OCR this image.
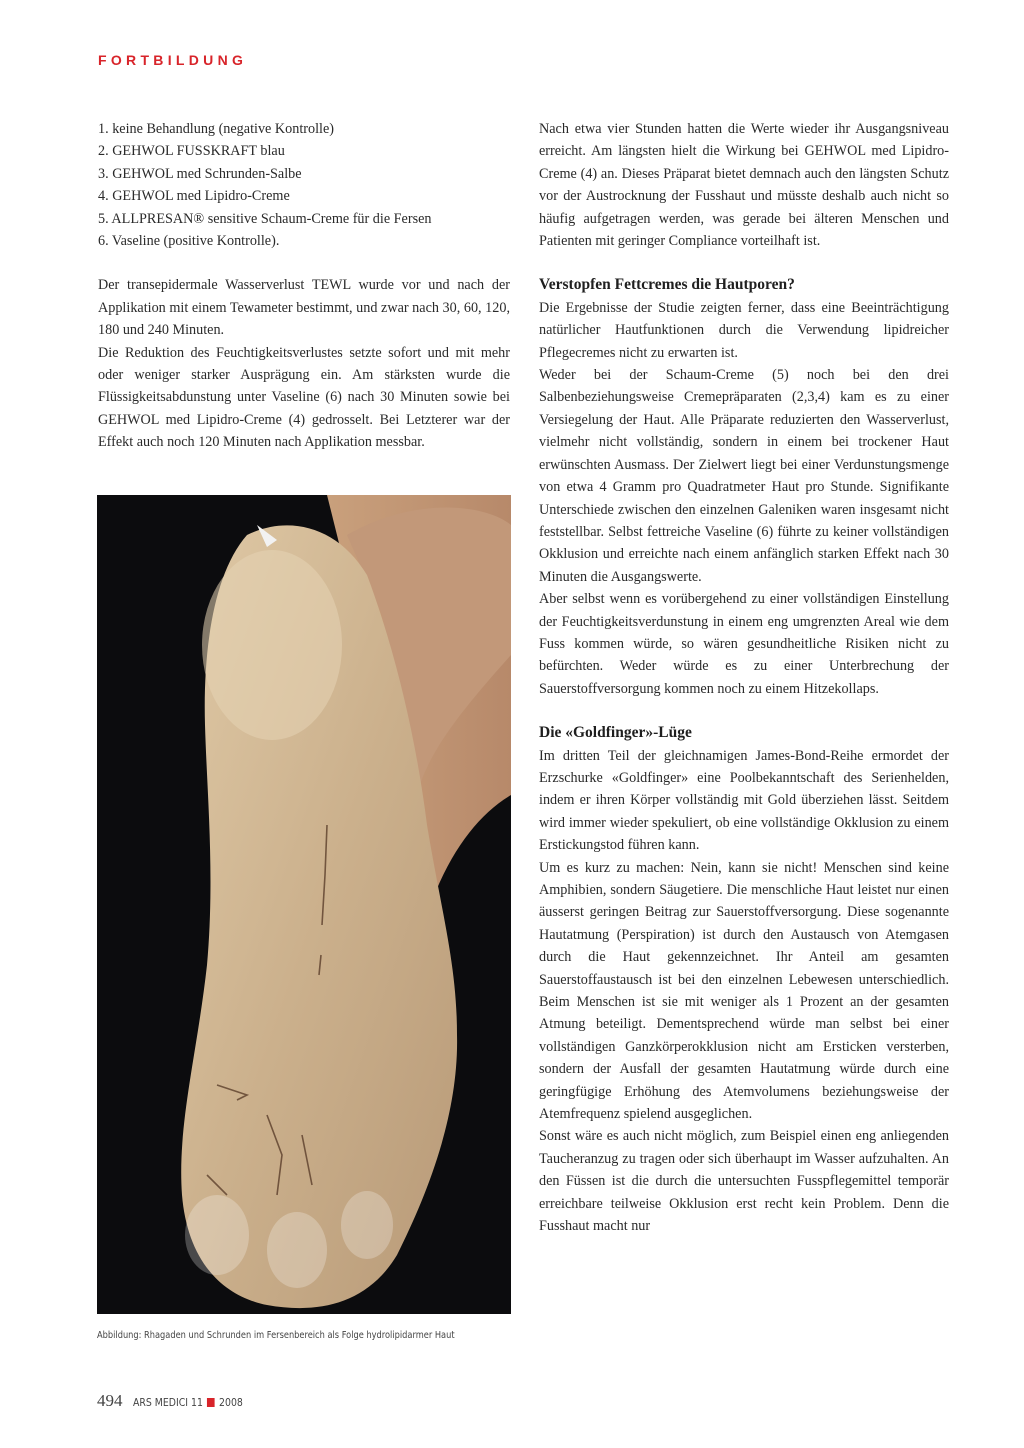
FORTBILDUNG
1. keine Behandlung (negative Kontrolle)
2. GEHWOL FUSSKRAFT blau
3. GEHWOL med Schrunden-Salbe
4. GEHWOL med Lipidro-Creme
5. ALLPRESAN® sensitive Schaum-Creme für die Fersen
6. Vaseline (positive Kontrolle).

Der transepidermale Wasserverlust TEWL wurde vor und nach der Applikation mit einem Tewameter bestimmt, und zwar nach 30, 60, 120, 180 und 240 Minuten.

Die Reduktion des Feuchtigkeitsverlustes setzte sofort und mit mehr oder weniger starker Ausprägung ein. Am stärksten wurde die Flüssigkeitsabdunstung unter Vaseline (6) nach 30 Minuten sowie bei GEHWOL med Lipidro-Creme (4) gedrosselt. Bei Letzterer war der Effekt auch noch 120 Minuten nach Applikation messbar.

Abbildung: Rhagaden und Schrunden im Fersenbereich als Folge hydrolipidarmer Haut

Nach etwa vier Stunden hatten die Werte wieder ihr Ausgangsniveau erreicht. Am längsten hielt die Wirkung bei GEHWOL med Lipidro-Creme (4) an. Dieses Präparat bietet demnach auch den längsten Schutz vor der Austrocknung der Fusshaut und müsste deshalb auch nicht so häufig aufgetragen werden, was gerade bei älteren Menschen und Patienten mit geringer Compliance vorteilhaft ist.

Verstopfen Fettcremes die Hautporen?

Die Ergebnisse der Studie zeigten ferner, dass eine Beeinträchtigung natürlicher Hautfunktionen durch die Verwendung lipidreicher Pflegecremes nicht zu erwarten ist.

Weder bei der Schaum-Creme (5) noch bei den drei Salbenbeziehungsweise Cremepräparaten (2,3,4) kam es zu einer Versiegelung der Haut. Alle Präparate reduzierten den Wasserverlust, vielmehr nicht vollständig, sondern in einem bei trockener Haut erwünschten Ausmass. Der Zielwert liegt bei einer Verdunstungsmenge von etwa 4 Gramm pro Quadratmeter Haut pro Stunde. Signifikante Unterschiede zwischen den einzelnen Galeniken waren insgesamt nicht feststellbar. Selbst fettreiche Vaseline (6) führte zu keiner vollständigen Okklusion und erreichte nach einem anfänglich starken Effekt nach 30 Minuten die Ausgangswerte.

Aber selbst wenn es vorübergehend zu einer vollständigen Einstellung der Feuchtigkeitsverdunstung in einem eng umgrenzten Areal wie dem Fuss kommen würde, so wären gesundheitliche Risiken nicht zu befürchten. Weder würde es zu einer Unterbrechung der Sauerstoffversorgung kommen noch zu einem Hitzekollaps.

Die «Goldfinger»-Lüge

Im dritten Teil der gleichnamigen James-Bond-Reihe ermordet der Erzschurke «Goldfinger» eine Poolbekanntschaft des Serienhelden, indem er ihren Körper vollständig mit Gold überziehen lässt. Seitdem wird immer wieder spekuliert, ob eine vollständige Okklusion zu einem Erstickungstod führen kann.

Um es kurz zu machen: Nein, kann sie nicht! Menschen sind keine Amphibien, sondern Säugetiere. Die menschliche Haut leistet nur einen äusserst geringen Beitrag zur Sauerstoffversorgung. Diese sogenannte Hautatmung (Perspiration) ist durch den Austausch von Atemgasen durch die Haut gekennzeichnet. Ihr Anteil am gesamten Sauerstoffaustausch ist bei den einzelnen Lebewesen unterschiedlich. Beim Menschen ist sie mit weniger als 1 Prozent an der gesamten Atmung beteiligt. Dementsprechend würde man selbst bei einer vollständigen Ganzkörperokklusion nicht am Ersticken versterben, sondern der Ausfall der gesamten Hautatmung würde durch eine geringfügige Erhöhung des Atemvolumens beziehungsweise der Atemfrequenz spielend ausgeglichen.

Sonst wäre es auch nicht möglich, zum Beispiel einen eng anliegenden Taucheranzug zu tragen oder sich überhaupt im Wasser aufzuhalten. An den Füssen ist die durch die untersuchten Fusspflegemittel temporär erreichbare teilweise Okklusion erst recht kein Problem. Denn die Fusshaut macht nur

494 ARS MEDICI 11 2008
